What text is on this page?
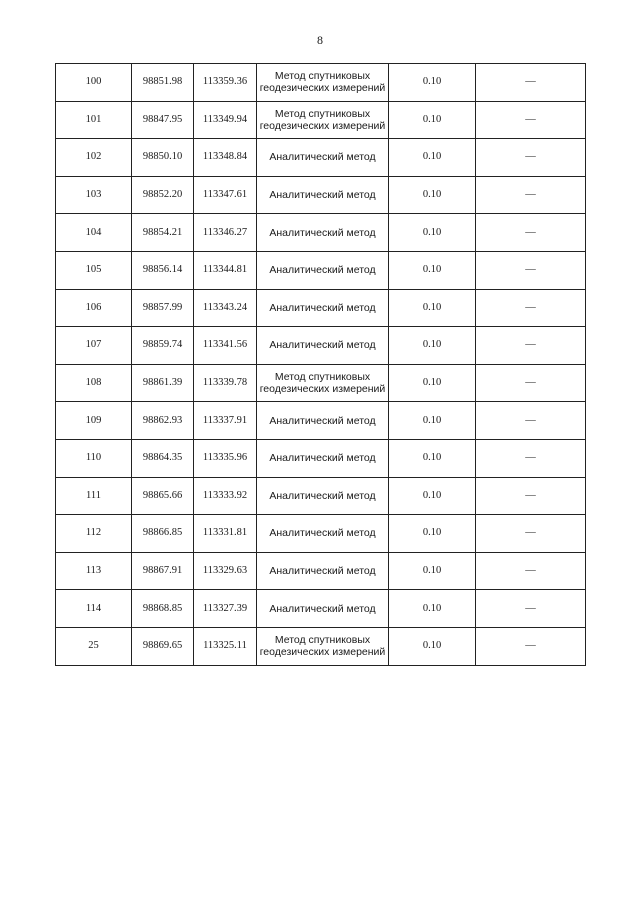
8
100	98851.98	113359.36	Метод спутниковых геодезических измерений	0.10	—
101	98847.95	113349.94	Метод спутниковых геодезических измерений	0.10	—
102	98850.10	113348.84	Аналитический метод	0.10	—
103	98852.20	113347.61	Аналитический метод	0.10	—
104	98854.21	113346.27	Аналитический метод	0.10	—
105	98856.14	113344.81	Аналитический метод	0.10	—
106	98857.99	113343.24	Аналитический метод	0.10	—
107	98859.74	113341.56	Аналитический метод	0.10	—
108	98861.39	113339.78	Метод спутниковых геодезических измерений	0.10	—
109	98862.93	113337.91	Аналитический метод	0.10	—
110	98864.35	113335.96	Аналитический метод	0.10	—
111	98865.66	113333.92	Аналитический метод	0.10	—
112	98866.85	113331.81	Аналитический метод	0.10	—
113	98867.91	113329.63	Аналитический метод	0.10	—
114	98868.85	113327.39	Аналитический метод	0.10	—
25	98869.65	113325.11	Метод спутниковых геодезических измерений	0.10	—
